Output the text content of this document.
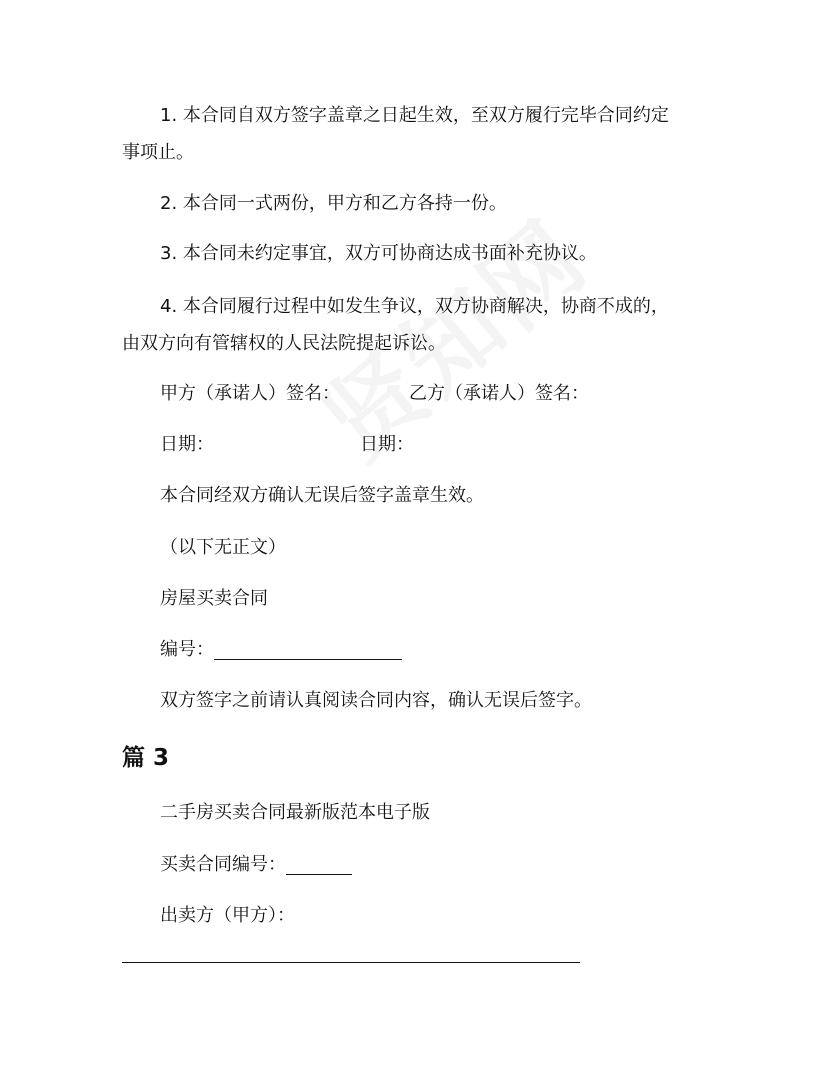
1. 本合同自双方签字盖章之日起生效，至双方履行完毕合同约定
事项止。
2. 本合同一式两份，甲方和乙方各持一份。
3. 本合同未约定事宜，双方可协商达成书面补充协议。
4. 本合同履行过程中如发生争议，双方协商解决，协商不成的，
由双方向有管辖权的人民法院提起诉讼。
甲方（承诺人）签名：	乙方（承诺人）签名：
日期：	日期：
本合同经双方确认无误后签字盖章生效。
（以下无正文）
房屋买卖合同
编号：
双方签字之前请认真阅读合同内容，确认无误后签字。
篇 3
二手房买卖合同最新版范本电子版
买卖合同编号：
出卖方（甲方）：
